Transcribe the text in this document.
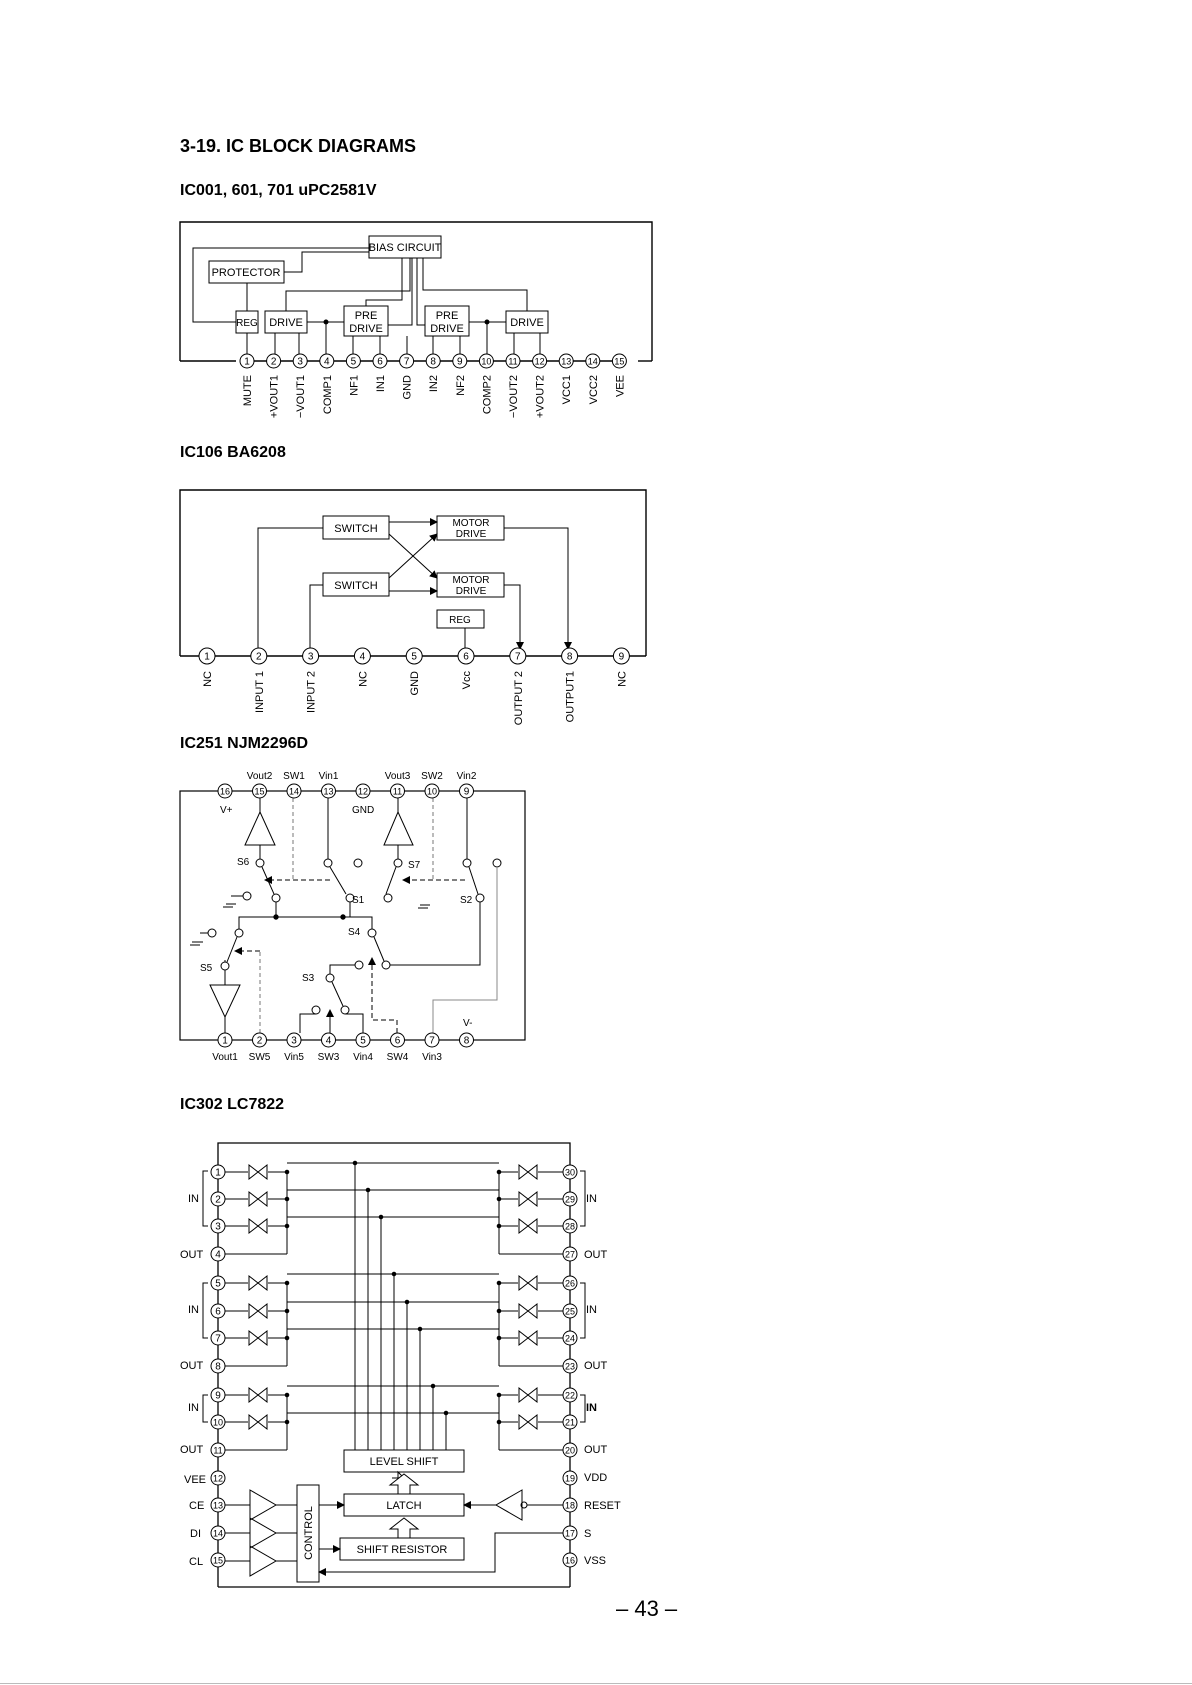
3-19. IC BLOCK DIAGRAMS
IC001, 601, 701 uPC2581V
IC106 BA6208
IC251 NJM2296D
IC302 LC7822
BIAS CIRCUIT
PROTECTOR
REG DRIVE
PRE
DRIVE
PRE
DRIVE	DRIVE
1
MUTE
2
+VOUT1
3
−VOUT1
4
COMP1
5
NF1
6
IN1
7
GND
8
IN2
9
NF2
10
COMP2
11
−VOUT2
12
+VOUT2
13
VCC1
14
VCC2
15
VEE
SWITCH
SWITCH
MOTOR
DRIVE
MOTOR
DRIVE
REG
1
NC
2
INPUT 1
3
INPUT 2
4
NC
5
GND
6
Vcc
7
OUTPUT 2
8
OUTPUT1
9
NC
V+	GND
V-
S1	S2
S3
S4
S5
S6	S7
16	15	14	13	12	11	10	9
1	2	3	4	5	6	7	8
Vout2 SW1 Vin1	Vout3 SW2 Vin2
Vout1 SW5 Vin5 SW3 Vin4 SW4 Vin3
LEVEL SHIFT
LATCH
SHIFT RESISTOR
CONTROL
1
2
3
4
5
6
7
8
9
10
11
12
13
14
15
30
29
28
27
26
25
24
23
22
21
20
19
18
17
16
IN
OUT
IN
OUT
IN
OUT
VEE
CE
DI
CL
IN
OUT
IN
OUT
IN
OUT
VDD
RESET
S
VSS
– 43 –
